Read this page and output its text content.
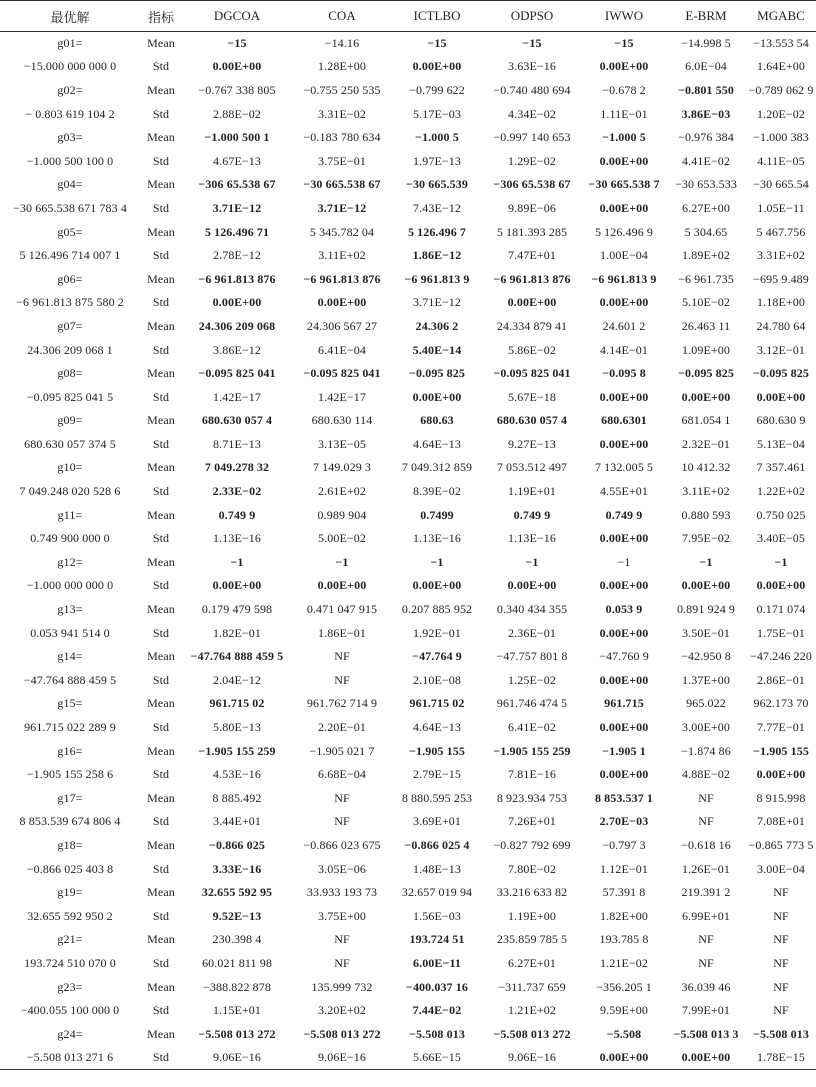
最优解	指标	DGCOA	COA	ICTLBO	ODPSO	IWWO	E-BRM	MGABC
g01=	Mean	−15	−14.16	−15	−15	−15	−14.998 5	−13.553 54
−15.000 000 000 0	Std	0.00E+00	1.28E+00	0.00E+00	3.63E−16	0.00E+00	6.0E−04	1.64E+00
g02=	Mean	−0.767 338 805	−0.755 250 535	−0.799 622	−0.740 480 694	−0.678 2	−0.801 550	−0.789 062 9
− 0.803 619 104 2	Std	2.88E−02	3.31E−02	5.17E−03	4.34E−02	1.11E−01	3.86E−03	1.20E−02
g03=	Mean	−1.000 500 1	−0.183 780 634	−1.000 5	−0.997 140 653	−1.000 5	−0.976 384	−1.000 383
−1.000 500 100 0	Std	4.67E−13	3.75E−01	1.97E−13	1.29E−02	0.00E+00	4.41E−02	4.11E−05
g04=	Mean	−306 65.538 67	−30 665.538 67	−30 665.539	−306 65.538 67	−30 665.538 7	−30 653.533	−30 665.54
−30 665.538 671 783 4	Std	3.71E−12	3.71E−12	7.43E−12	9.89E−06	0.00E+00	6.27E+00	1.05E−11
g05=	Mean	5 126.496 71	5 345.782 04	5 126.496 7	5 181.393 285	5 126.496 9	5 304.65	5 467.756
5 126.496 714 007 1	Std	2.78E−12	3.11E+02	1.86E−12	7.47E+01	1.00E−04	1.89E+02	3.31E+02
g06=	Mean	−6 961.813 876	−6 961.813 876	−6 961.813 9	−6 961.813 876	−6 961.813 9	−6 961.735	−695 9.489
−6 961.813 875 580 2	Std	0.00E+00	0.00E+00	3.71E−12	0.00E+00	0.00E+00	5.10E−02	1.18E+00
g07=	Mean	24.306 209 068	24.306 567 27	24.306 2	24.334 879 41	24.601 2	26.463 11	24.780 64
24.306 209 068 1	Std	3.86E−12	6.41E−04	5.40E−14	5.86E−02	4.14E−01	1.09E+00	3.12E−01
g08=	Mean	−0.095 825 041	−0.095 825 041	−0.095 825	−0.095 825 041	−0.095 8	−0.095 825	−0.095 825
−0.095 825 041 5	Std	1.42E−17	1.42E−17	0.00E+00	5.67E−18	0.00E+00	0.00E+00	0.00E+00
g09=	Mean	680.630 057 4	680.630 114	680.63	680.630 057 4	680.6301	681.054 1	680.630 9
680.630 057 374 5	Std	8.71E−13	3.13E−05	4.64E−13	9.27E−13	0.00E+00	2.32E−01	5.13E−04
g10=	Mean	7 049.278 32	7 149.029 3	7 049.312 859	7 053.512 497	7 132.005 5	10 412.32	7 357.461
7 049.248 020 528 6	Std	2.33E−02	2.61E+02	8.39E−02	1.19E+01	4.55E+01	3.11E+02	1.22E+02
g11=	Mean	0.749 9	0.989 904	0.7499	0.749 9	0.749 9	0.880 593	0.750 025
0.749 900 000 0	Std	1.13E−16	5.00E−02	1.13E−16	1.13E−16	0.00E+00	7.95E−02	3.40E−05
g12=	Mean	−1	−1	−1	−1	−1	−1	−1
−1.000 000 000 0	Std	0.00E+00	0.00E+00	0.00E+00	0.00E+00	0.00E+00	0.00E+00	0.00E+00
g13=	Mean	0.179 479 598	0.471 047 915	0.207 885 952	0.340 434 355	0.053 9	0.891 924 9	0.171 074
0.053 941 514 0	Std	1.82E−01	1.86E−01	1.92E−01	2.36E−01	0.00E+00	3.50E−01	1.75E−01
g14=	Mean	−47.764 888 459 5	NF	−47.764 9	−47.757 801 8	−47.760 9	−42.950 8	−47.246 220
−47.764 888 459 5	Std	2.04E−12	NF	2.10E−08	1.25E−02	0.00E+00	1.37E+00	2.86E−01
g15=	Mean	961.715 02	961.762 714 9	961.715 02	961.746 474 5	961.715	965.022	962.173 70
961.715 022 289 9	Std	5.80E−13	2.20E−01	4.64E−13	6.41E−02	0.00E+00	3.00E+00	7.77E−01
g16=	Mean	−1.905 155 259	−1.905 021 7	−1.905 155	−1.905 155 259	−1.905 1	−1.874 86	−1.905 155
−1.905 155 258 6	Std	4.53E−16	6.68E−04	2.79E−15	7.81E−16	0.00E+00	4.88E−02	0.00E+00
g17=	Mean	8 885.492	NF	8 880.595 253	8 923.934 753	8 853.537 1	NF	8 915.998
8 853.539 674 806 4	Std	3.44E+01	NF	3.69E+01	7.26E+01	2.70E−03	NF	7.08E+01
g18=	Mean	−0.866 025	−0.866 023 675	−0.866 025 4	−0.827 792 699	−0.797 3	−0.618 16	−0.865 773 5
−0.866 025 403 8	Std	3.33E−16	3.05E−06	1.48E−13	7.80E−02	1.12E−01	1.26E−01	3.00E−04
g19=	Mean	32.655 592 95	33.933 193 73	32.657 019 94	33.216 633 82	57.391 8	219.391 2	NF
32.655 592 950 2	Std	9.52E−13	3.75E+00	1.56E−03	1.19E+00	1.82E+00	6.99E+01	NF
g21=	Mean	230.398 4	NF	193.724 51	235.859 785 5	193.785 8	NF	NF
193.724 510 070 0	Std	60.021 811 98	NF	6.00E−11	6.27E+01	1.21E−02	NF	NF
g23=	Mean	−388.822 878	135.999 732	−400.037 16	−311.737 659	−356.205 1	36.039 46	NF
−400.055 100 000 0	Std	1.15E+01	3.20E+02	7.44E−02	1.21E+02	9.59E+00	7.99E+01	NF
g24=	Mean	−5.508 013 272	−5.508 013 272	−5.508 013	−5.508 013 272	−5.508	−5.508 013 3	−5.508 013
−5.508 013 271 6	Std	9.06E−16	9.06E−16	5.66E−15	9.06E−16	0.00E+00	0.00E+00	1.78E−15
